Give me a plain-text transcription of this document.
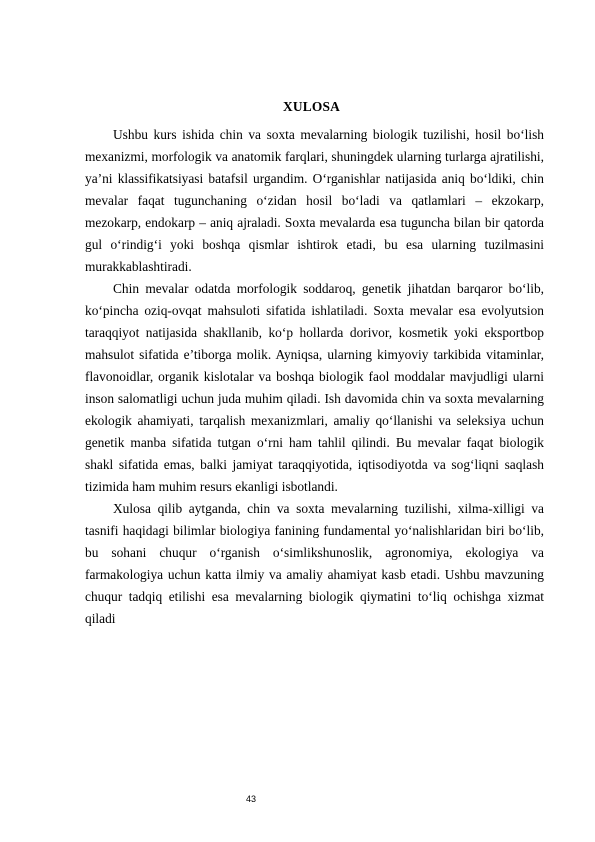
XULOSA

Ushbu kurs ishida chin va soxta mevalarning biologik tuzilishi, hosil bo‘lish mexanizmi, morfologik va anatomik farqlari, shuningdek ularning turlarga ajratilishi, ya’ni klassifikatsiyasi batafsil urgandim. O‘rganishlar natijasida aniq bo‘ldiki, chin mevalar faqat tugunchaning o‘zidan hosil bo‘ladi va qatlamlari – ekzokarp, mezokarp, endokarp – aniq ajraladi. Soxta mevalarda esa tuguncha bilan bir qatorda gul o‘rindig‘i yoki boshqa qismlar ishtirok etadi, bu esa ularning tuzilmasini murakkablashtiradi.

Chin mevalar odatda morfologik soddaroq, genetik jihatdan barqaror bo‘lib, ko‘pincha oziq-ovqat mahsuloti sifatida ishlatiladi. Soxta mevalar esa evolyutsion taraqqiyot natijasida shakllanib, ko‘p hollarda dorivor, kosmetik yoki eksportbop mahsulot sifatida e’tiborga molik. Ayniqsa, ularning kimyoviy tarkibida vitaminlar, flavonoidlar, organik kislotalar va boshqa biologik faol moddalar mavjudligi ularni inson salomatligi uchun juda muhim qiladi. Ish davomida chin va soxta mevalarning ekologik ahamiyati, tarqalish mexanizmlari, amaliy qo‘llanishi va seleksiya uchun genetik manba sifatida tutgan o‘rni ham tahlil qilindi. Bu mevalar faqat biologik shakl sifatida emas, balki jamiyat taraqqiyotida, iqtisodiyotda va sog‘liqni saqlash tizimida ham muhim resurs ekanligi isbotlandi.

Xulosa qilib aytganda, chin va soxta mevalarning tuzilishi, xilma-xilligi va tasnifi haqidagi bilimlar biologiya fanining fundamental yo‘nalishlaridan biri bo‘lib, bu sohani chuqur o‘rganish o‘simlikshunoslik, agronomiya, ekologiya va farmakologiya uchun katta ilmiy va amaliy ahamiyat kasb etadi. Ushbu mavzuning chuqur tadqiq etilishi esa mevalarning biologik qiymatini to‘liq ochishga xizmat qiladi

43
